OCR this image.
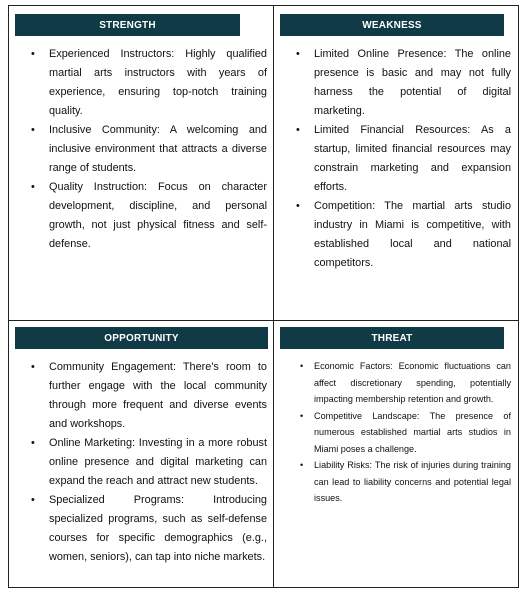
STRENGTH
• Experienced Instructors: Highly qualified martial arts instructors with years of experience, ensuring top-notch training quality.
• Inclusive Community: A welcoming and inclusive environment that attracts a diverse range of students.
• Quality Instruction: Focus on character development, discipline, and personal growth, not just physical fitness and self-defense.
WEAKNESS
• Limited Online Presence: The online presence is basic and may not fully harness the potential of digital marketing.
• Limited Financial Resources: As a startup, limited financial resources may constrain marketing and expansion efforts.
• Competition: The martial arts studio industry in Miami is competitive, with established local and national competitors.
OPPORTUNITY
• Community Engagement: There's room to further engage with the local community through more frequent and diverse events and workshops.
• Online Marketing: Investing in a more robust online presence and digital marketing can expand the reach and attract new students.
• Specialized Programs: Introducing specialized programs, such as self-defense courses for specific demographics (e.g., women, seniors), can tap into niche markets.
THREAT
• Economic Factors: Economic fluctuations can affect discretionary spending, potentially impacting membership retention and growth.
• Competitive Landscape: The presence of numerous established martial arts studios in Miami poses a challenge.
• Liability Risks: The risk of injuries during training can lead to liability concerns and potential legal issues.
